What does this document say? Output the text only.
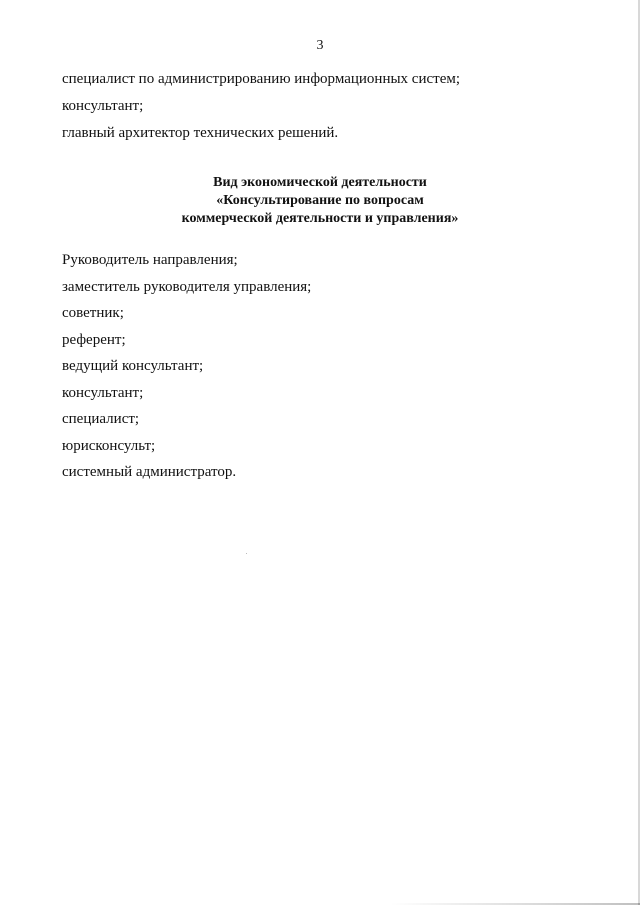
3
специалист по администрированию информационных систем;
консультант;
главный архитектор технических решений.
Вид экономической деятельности
«Консультирование по вопросам
коммерческой деятельности и управления»
Руководитель направления;
заместитель руководителя управления;
советник;
референт;
ведущий консультант;
консультант;
специалист;
юрисконсульт;
системный администратор.
